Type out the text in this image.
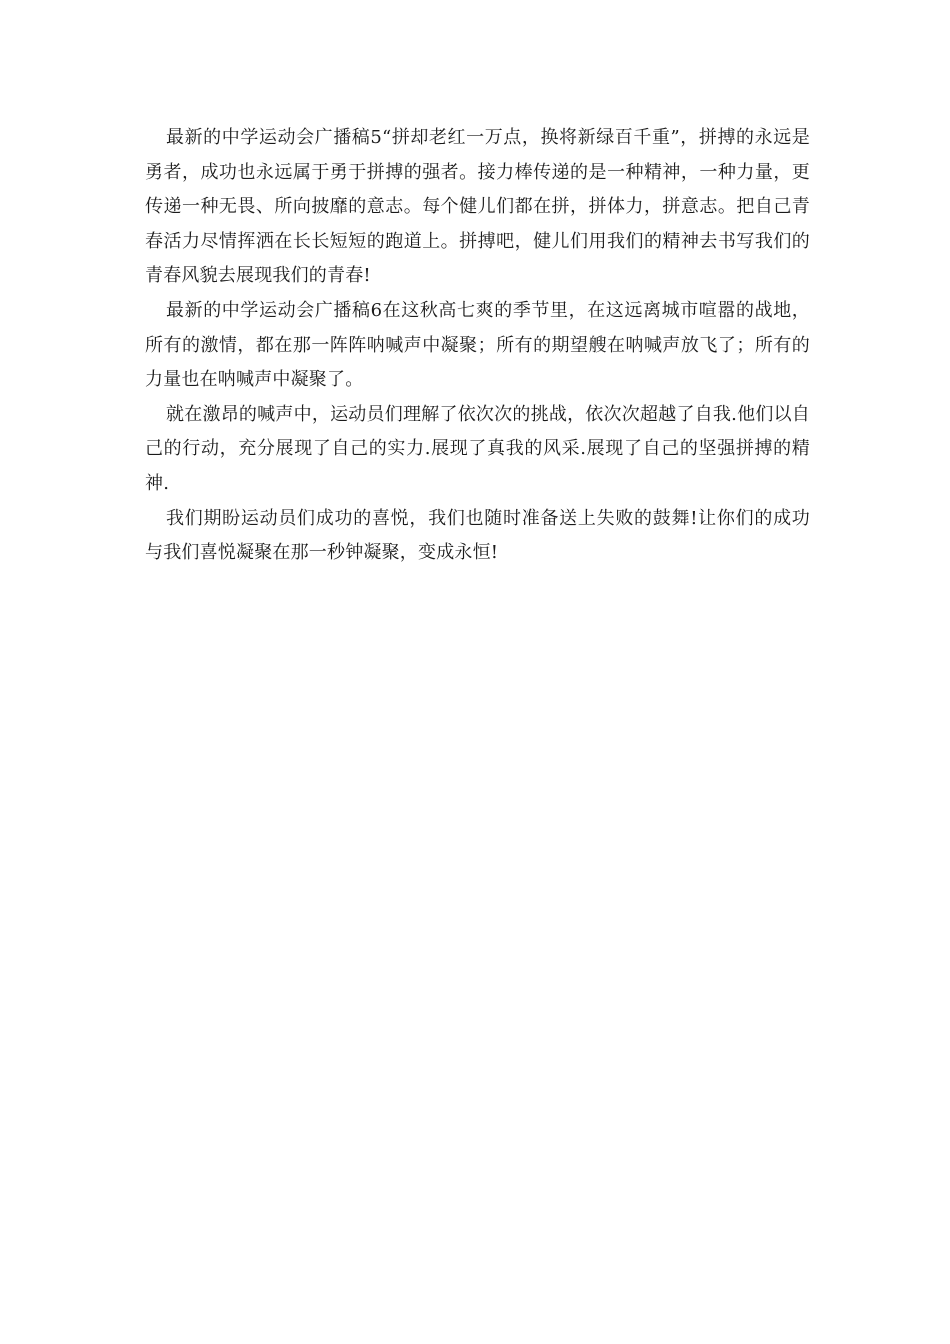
最新的中学运动会广播稿5“拼却老红一万点，换将新绿百千重”，拼搏的永远是勇者，成功也永远属于勇于拼搏的强者。接力棒传递的是一种精神，一种力量，更传递一种无畏、所向披靡的意志。每个健儿们都在拼，拼体力，拼意志。把自己青春活力尽情挥洒在长长短短的跑道上。拼搏吧，健儿们用我们的精神去书写我们的青春风貌去展现我们的青春!

最新的中学运动会广播稿6在这秋高七爽的季节里，在这远离城市喧嚣的战地，所有的激情，都在那一阵阵呐喊声中凝聚；所有的期望艘在呐喊声放飞了；所有的力量也在呐喊声中凝聚了。

就在激昂的喊声中，运动员们理解了依次次的挑战，依次次超越了自我.他们以自己的行动，充分展现了自己的实力.展现了真我的风采.展现了自己的坚强拼搏的精神.

我们期盼运动员们成功的喜悦，我们也随时准备送上失败的鼓舞!让你们的成功与我们喜悦凝聚在那一秒钟凝聚，变成永恒!
